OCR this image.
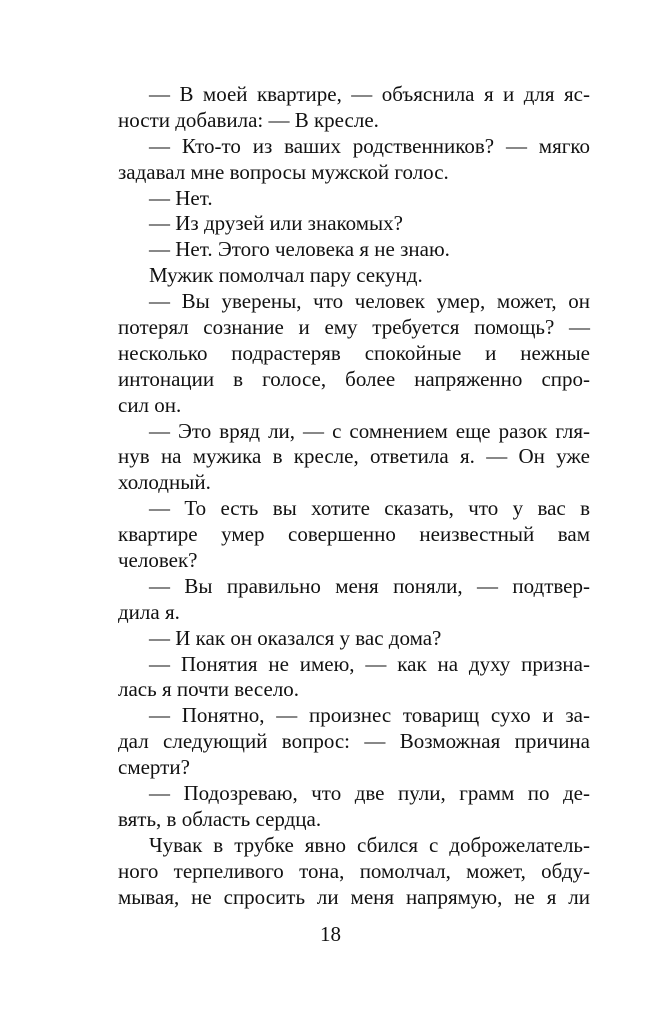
— В моей квартире, — объяснила я и для яс-
ности добавила: — В кресле.
— Кто-то из ваших родственников? — мягко
задавал мне вопросы мужской голос.
— Нет.
— Из друзей или знакомых?
— Нет. Этого человека я не знаю.
Мужик помолчал пару секунд.
— Вы уверены, что человек умер, может, он
потерял сознание и ему требуется помощь? —
несколько подрастеряв спокойные и нежные
интонации в голосе, более напряженно спро-
сил он.
— Это вряд ли, — с сомнением еще разок гля-
нув на мужика в кресле, ответила я. — Он уже
холодный.
— То есть вы хотите сказать, что у вас в
квартире умер совершенно неизвестный вам
человек?
— Вы правильно меня поняли, — подтвер-
дила я.
— И как он оказался у вас дома?
— Понятия не имею, — как на духу призна-
лась я почти весело.
— Понятно, — произнес товарищ сухо и за-
дал следующий вопрос: — Возможная причина
смерти?
— Подозреваю, что две пули, грамм по де-
вять, в область сердца.
Чувак в трубке явно сбился с доброжелатель-
ного терпеливого тона, помолчал, может, обду-
мывая, не спросить ли меня напрямую, не я ли
18
